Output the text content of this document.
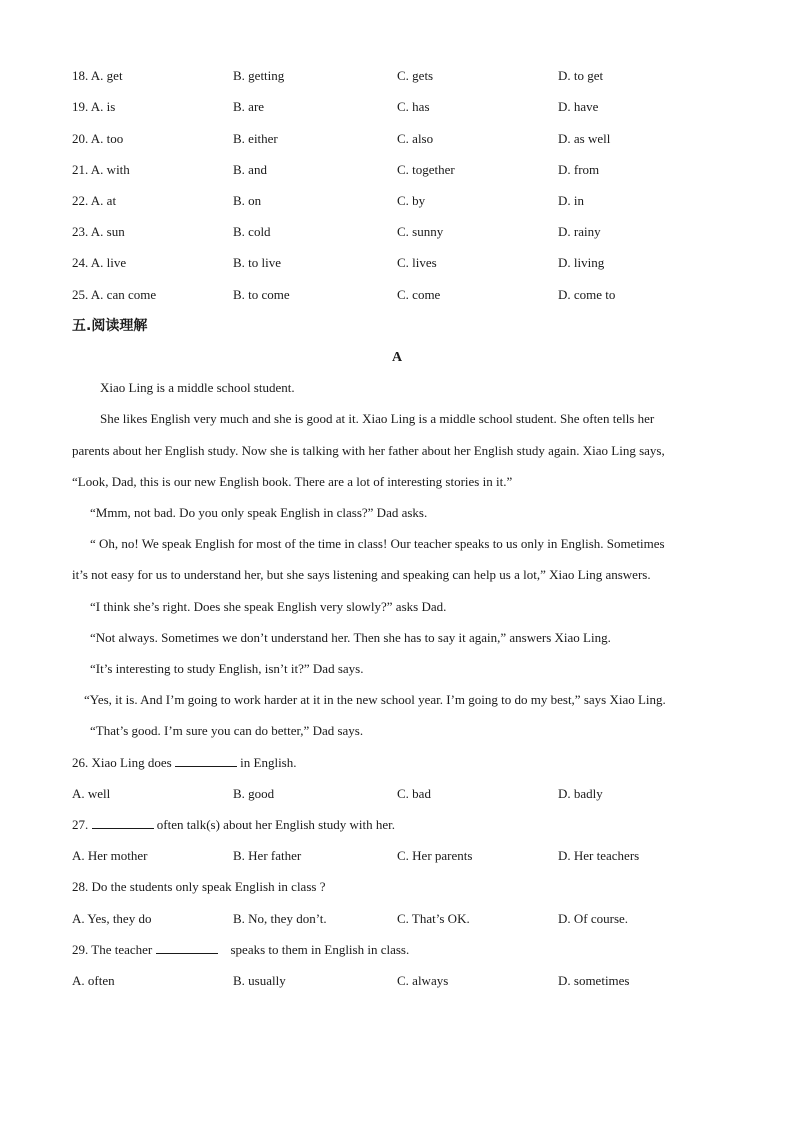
18. A. get	B. getting	C. gets	D. to get
19. A. is	B. are	C. has	D. have
20. A. too	B. either	C. also	D. as well
21. A. with	B. and	C. together	D. from
22. A. at	B. on	C. by	D. in
23. A. sun	B. cold	C. sunny	D. rainy
24. A. live	B. to live	C. lives	D. living
25. A. can come	B. to come	C. come	D. come to
五.阅读理解
A
Xiao Ling is a middle school student.
She likes English very much and she is good at it. Xiao Ling is a middle school student. She often tells her
parents about her English study. Now she is talking with her father about her English study again. Xiao Ling says,
“Look, Dad, this is our new English book. There are a lot of interesting stories in it.”
“Mmm, not bad. Do you only speak English in class?” Dad asks.
“ Oh, no! We speak English for most of the time in class! Our teacher speaks to us only in English. Sometimes
it’s not easy for us to understand her, but she says listening and speaking can help us a lot,” Xiao Ling answers.
“I think she’s right. Does she speak English very slowly?” asks Dad.
“Not always. Sometimes we don’t understand her. Then she has to say it again,” answers Xiao Ling.
“It’s interesting to study English, isn’t it?” Dad says.
“Yes, it is. And I’m going to work harder at it in the new school year. I’m going to do my best,” says Xiao Ling.
“That’s good. I’m sure you can do better,” Dad says.
26. Xiao Ling does	in English.
A. well	B. good	C. bad	D. badly
27.	often talk(s) about her English study with her.
A. Her mother	B. Her father	C. Her parents	D. Her teachers
28. Do the students only speak English in class ?
A. Yes, they do	B. No, they don’t.	C. That’s OK.	D. Of course.
29. The teacher	speaks to them in English in class.
A. often	B. usually	C. always	D. sometimes
